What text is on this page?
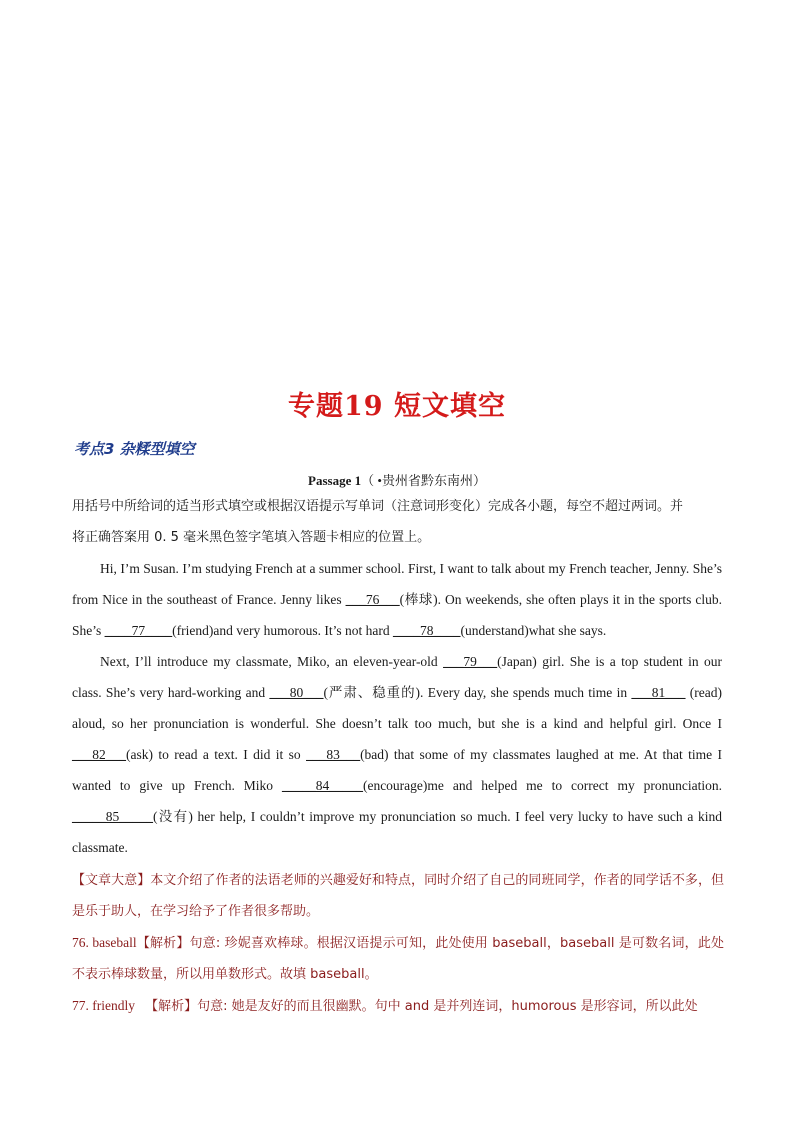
专题19 短文填空
考点3 杂糅型填空
Passage 1（ •贵州省黔东南州）
用括号中所给词的适当形式填空或根据汉语提示写单词（注意词形变化）完成各小题，每空不超过两词。并
将正确答案用 0. 5 毫米黑色签字笔填入答题卡相应的位置上。

Hi, I’m Susan. I’m studying French at a summer school. First, I want to talk about my French teacher, Jenny. She’s from Nice in the southeast of France. Jenny likes ___76___(棒球). On weekends, she often plays it in the sports club. She’s ____77____(friend)and very humorous. It’s not hard ____78____(understand)what she says.

Next, I’ll introduce my classmate, Miko, an eleven-year-old ___79___(Japan) girl. She is a top student in our class. She’s very hard-working and ___80___(严肃、稳重的). Every day, she spends much time in ___81___ (read) aloud, so her pronunciation is wonderful. She doesn’t talk too much, but she is a kind and helpful girl. Once I ___82___(ask) to read a text. I did it so ___83___(bad) that some of my classmates laughed at me. At that time I wanted to give up French. Miko _____84_____(encourage)me and helped me to correct my pronunciation. _____85_____(没有) her help, I couldn’t improve my pronunciation so much. I feel very lucky to have such a kind classmate.

【文章大意】本文介绍了作者的法语老师的兴趣爱好和特点，同时介绍了自己的同班同学，作者的同学话不多，但是乐于助人，在学习给予了作者很多帮助。

76. baseball【解析】句意: 珍妮喜欢棒球。根据汉语提示可知，此处使用 baseball，baseball 是可数名词，此处不表示棒球数量，所以用单数形式。故填 baseball。

77. friendly   【解析】句意: 她是友好的而且很幽默。句中 and 是并列连词，humorous 是形容词，所以此处
